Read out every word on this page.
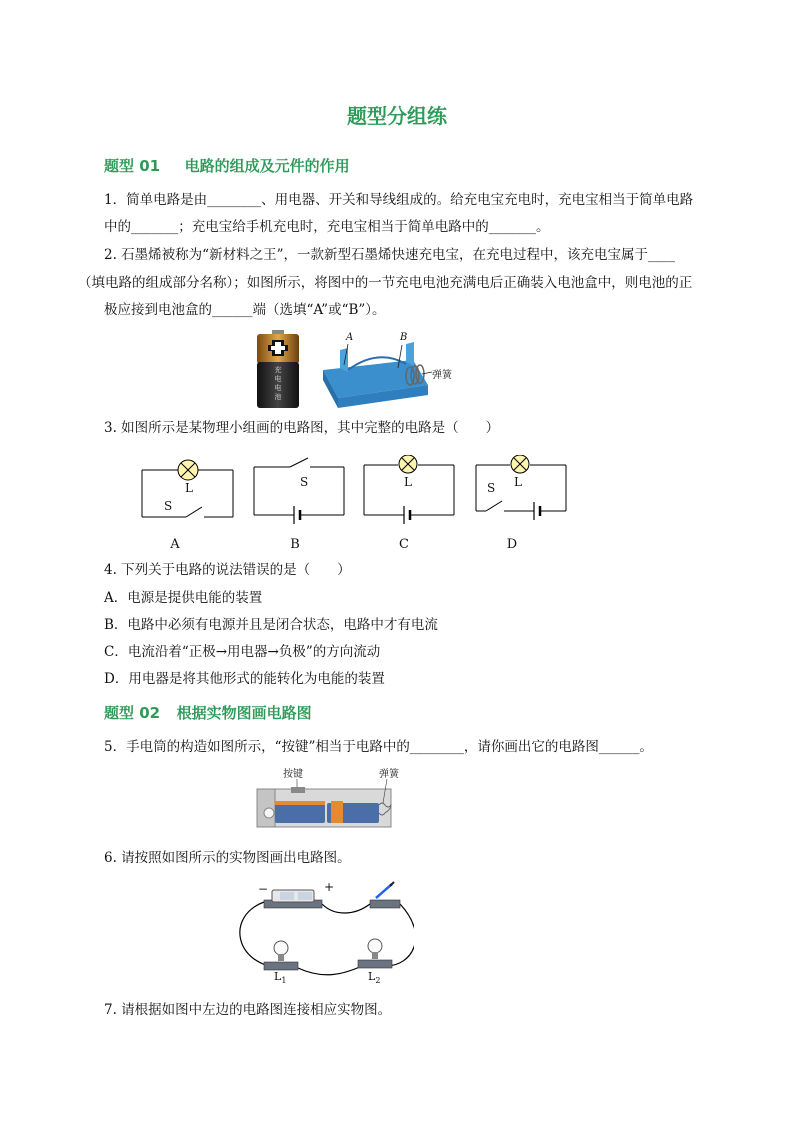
题型分组练
题型 01 电路的组成及元件的作用
1．简单电路是由________、用电器、开关和导线组成的。给充电宝充电时，充电宝相当于简单电路
中的_______；充电宝给手机充电时，充电宝相当于简单电路中的_______。
2. 石墨烯被称为“新材料之王”，一款新型石墨烯快速充电宝，在充电过程中，该充电宝属于____
（填电路的组成部分名称）；如图所示，将图中的一节充电电池充满电后正确装入电池盒中，则电池的正
极应接到电池盒的______端（选填“A”或“B”）。
充
电
电
池
A	B
弹簧
3. 如图所示是某物理小组画的电路图，其中完整的电路是（　　）
L
S
S	L	L
S
A	B	C	D
4. 下列关于电路的说法错误的是（　　）
A．电源是提供电能的装置
B．电路中必须有电源并且是闭合状态，电路中才有电流
C．电流沿着“正极→用电器→负极”的方向流动
D．用电器是将其他形式的能转化为电能的装置
题型 02 根据实物图画电路图
5．手电筒的构造如图所示，“按键”相当于电路中的________，请你画出它的电路图______。
按键	弹簧
6. 请按照如图所示的实物图画出电路图。
−	+
$L_1$	$L_2$
7. 请根据如图中左边的电路图连接相应实物图。
